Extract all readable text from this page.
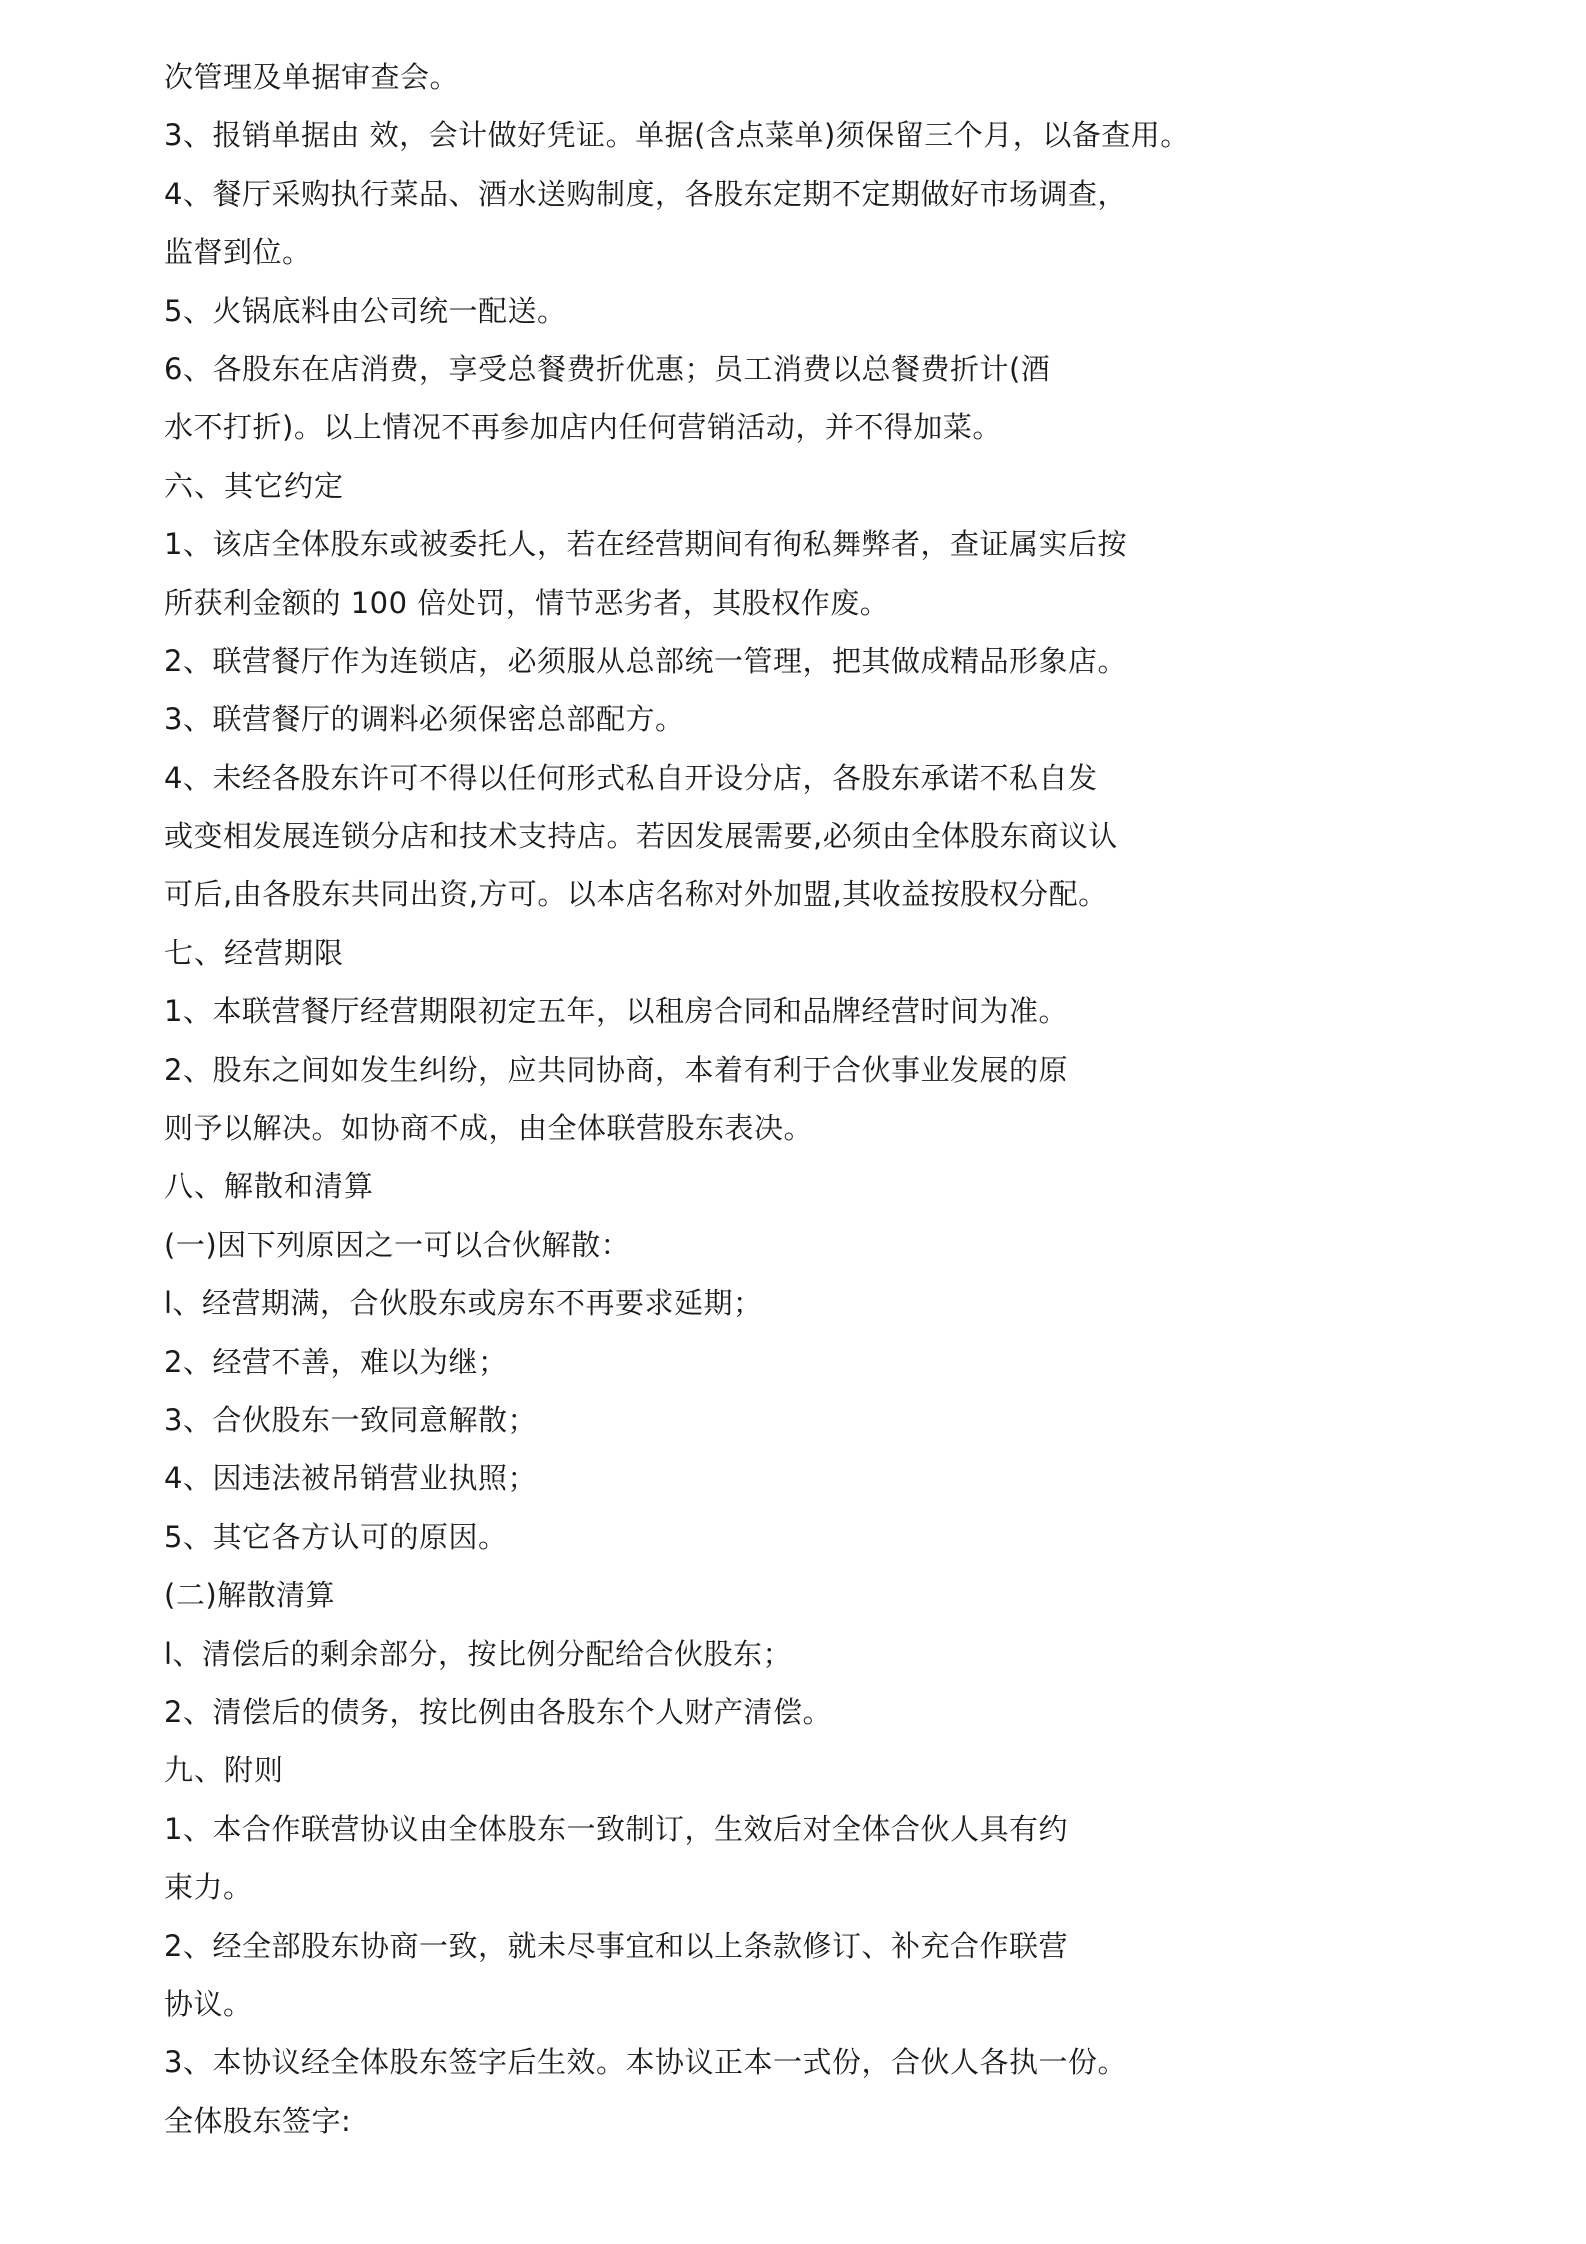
次管理及单据审查会。
3、报销单据由 效，会计做好凭证。单据(含点菜单)须保留三个月，以备查用。
4、餐厅采购执行菜品、酒水送购制度，各股东定期不定期做好市场调查，
监督到位。
5、火锅底料由公司统一配送。
6、各股东在店消费，享受总餐费折优惠；员工消费以总餐费折计(酒
水不打折)。以上情况不再参加店内任何营销活动，并不得加菜。
六、其它约定
1、该店全体股东或被委托人，若在经营期间有徇私舞弊者，查证属实后按
所获利金额的 100 倍处罚，情节恶劣者，其股权作废。
2、联营餐厅作为连锁店，必须服从总部统一管理，把其做成精品形象店。
3、联营餐厅的调料必须保密总部配方。
4、未经各股东许可不得以任何形式私自开设分店，各股东承诺不私自发
或变相发展连锁分店和技术支持店。若因发展需要,必须由全体股东商议认
可后,由各股东共同出资,方可。以本店名称对外加盟,其收益按股权分配。
七、经营期限
1、本联营餐厅经营期限初定五年，以租房合同和品牌经营时间为准。
2、股东之间如发生纠纷，应共同协商，本着有利于合伙事业发展的原
则予以解决。如协商不成，由全体联营股东表决。
八、解散和清算
(一)因下列原因之一可以合伙解散：
l、经营期满，合伙股东或房东不再要求延期；
2、经营不善，难以为继；
3、合伙股东一致同意解散；
4、因违法被吊销营业执照；
5、其它各方认可的原因。
(二)解散清算
l、清偿后的剩余部分，按比例分配给合伙股东；
2、清偿后的债务，按比例由各股东个人财产清偿。
九、附则
1、本合作联营协议由全体股东一致制订，生效后对全体合伙人具有约
束力。
2、经全部股东协商一致，就未尽事宜和以上条款修订、补充合作联营
协议。
3、本协议经全体股东签字后生效。本协议正本一式份，合伙人各执一份。
全体股东签字:
